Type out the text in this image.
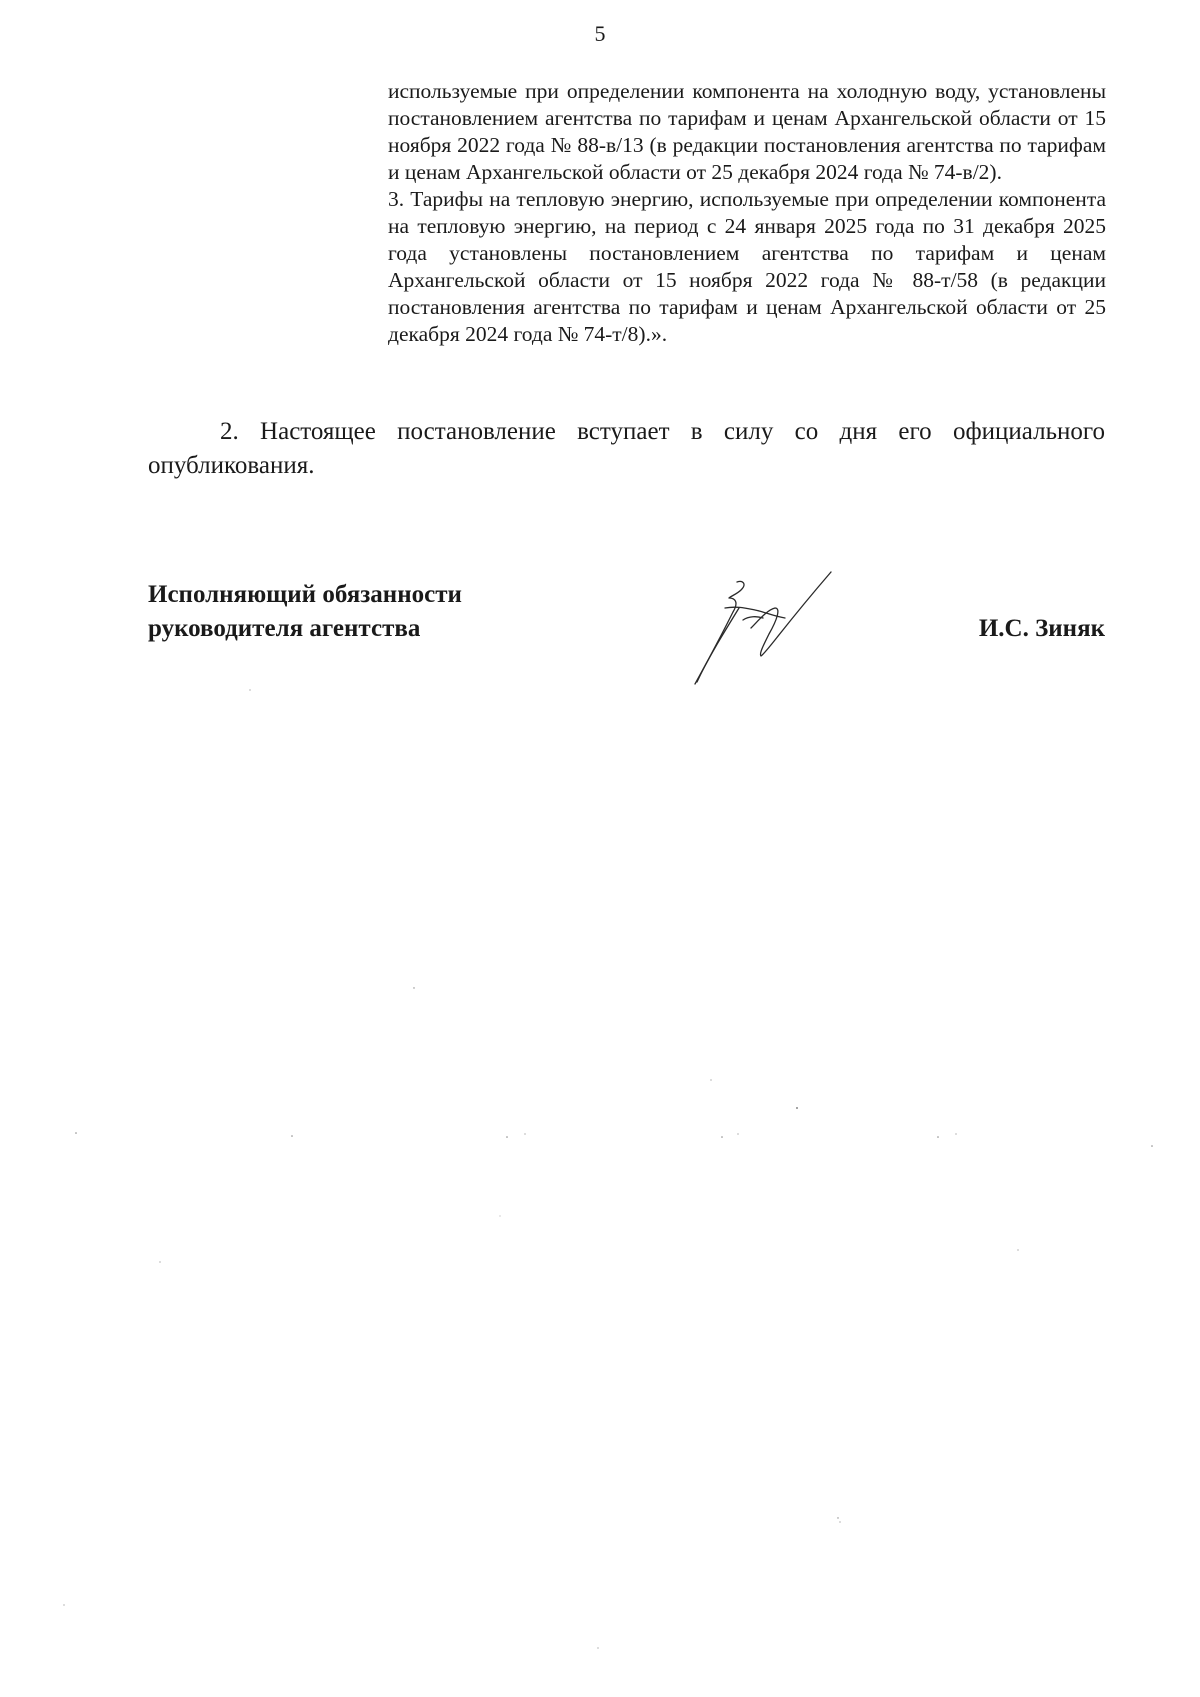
5

используемые при определении компонента на холодную воду, установлены постановлением агентства по тарифам и ценам Архангельской области от 15 ноября 2022 года № 88-в/13 (в редакции постановления агентства по тарифам и ценам Архангельской области от 25 декабря 2024 года № 74-в/2).

3. Тарифы на тепловую энергию, используемые при определении компонента на тепловую энергию, на период с 24 января 2025 года по 31 декабря 2025 года установлены постановлением агентства по тарифам и ценам Архангельской области от 15 ноября 2022 года № 88-т/58 (в редакции постановления агентства по тарифам и ценам Архангельской области от 25 декабря 2024 года № 74-т/8).».

2. Настоящее постановление вступает в силу со дня его официального опубликования.

Исполняющий обязанности
руководителя агентства	И.С. Зиняк
